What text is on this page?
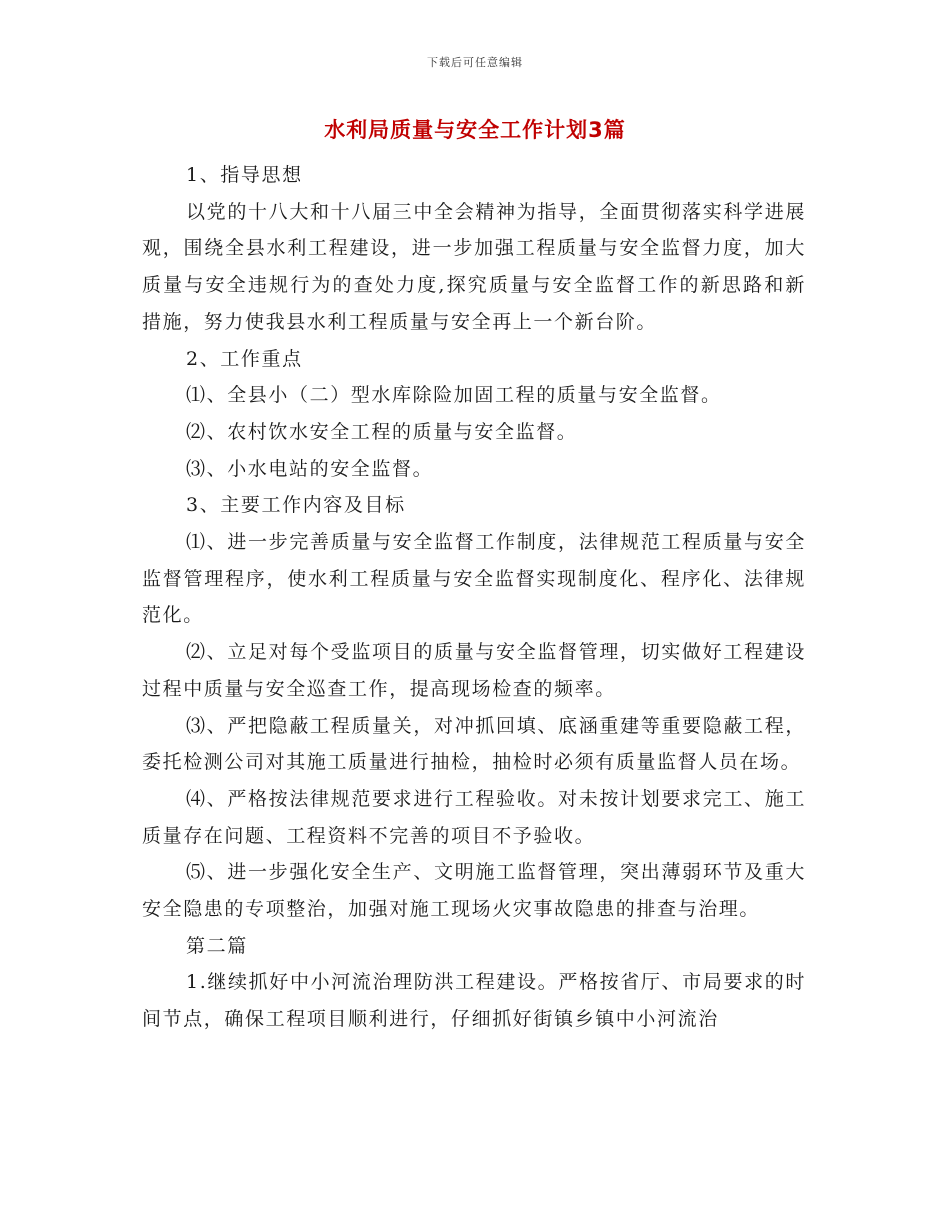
下载后可任意编辑
水利局质量与安全工作计划3篇

1、指导思想

以党的十八大和十八届三中全会精神为指导，全面贯彻落实科学进展观，围绕全县水利工程建设，进一步加强工程质量与安全监督力度，加大质量与安全违规行为的查处力度,探究质量与安全监督工作的新思路和新措施，努力使我县水利工程质量与安全再上一个新台阶。

2、工作重点

⑴、全县小（二）型水库除险加固工程的质量与安全监督。

⑵、农村饮水安全工程的质量与安全监督。

⑶、小水电站的安全监督。

3、主要工作内容及目标

⑴、进一步完善质量与安全监督工作制度，法律规范工程质量与安全监督管理程序，使水利工程质量与安全监督实现制度化、程序化、法律规范化。

⑵、立足对每个受监项目的质量与安全监督管理，切实做好工程建设过程中质量与安全巡查工作，提高现场检查的频率。

⑶、严把隐蔽工程质量关，对冲抓回填、底涵重建等重要隐蔽工程，委托检测公司对其施工质量进行抽检，抽检时必须有质量监督人员在场。

⑷、严格按法律规范要求进行工程验收。对未按计划要求完工、施工质量存在问题、工程资料不完善的项目不予验收。

⑸、进一步强化安全生产、文明施工监督管理，突出薄弱环节及重大安全隐患的专项整治，加强对施工现场火灾事故隐患的排查与治理。

第二篇

1.继续抓好中小河流治理防洪工程建设。严格按省厅、市局要求的时间节点，确保工程项目顺利进行，仔细抓好街镇乡镇中小河流治
